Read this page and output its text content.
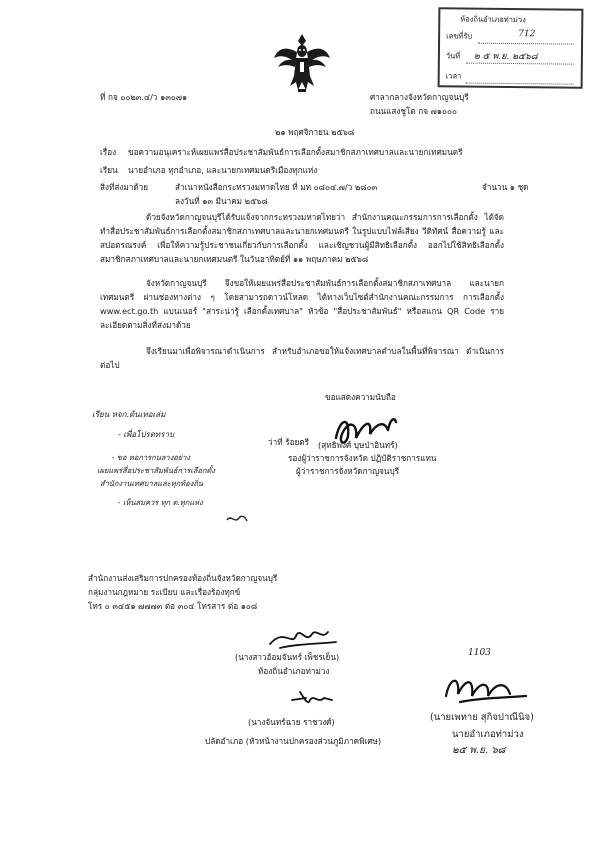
ห้องถิ่นอำเภอท่าม่วง
เลขที่รับ	712
วันที่ ๒ ๕ พ.ย. ๒๕๖๘
เวลา
ที่ กจ ๐๐๒๓.๔/ว ๑๓๐๗๑	ศาลากลางจังหวัดกาญจนบุรี
ถนนแสงชูโต กจ ๗๑๐๐๐
๒๑ พฤศจิกายน ๒๕๖๘
เรื่อง ขอความอนุเคราะห์เผยแพร่สื่อประชาสัมพันธ์การเลือกตั้งสมาชิกสภาเทศบาลและนายกเทศมนตรี
เรียน นายอำเภอ ทุกอำเภอ, และนายกเทศมนตรีเมืองทุกแห่ง
สิ่งที่ส่งมาด้วย	สำเนาหนังสือกระทรวงมหาดไทย ที่ มท ๐๘๐๔.๗/ว ๒๘๐๓
ลงวันที่ ๑๓ มีนาคม ๒๕๖๘
จำนวน ๑ ชุด
ด้วยจังหวัดกาญจนบุรีได้รับแจ้งจากกระทรวงมหาดไทยว่า สำนักงานคณะกรรมการการเลือกตั้ง ได้จัดทำสื่อประชาสัมพันธ์การเลือกตั้งสมาชิกสภาเทศบาลและนายกเทศมนตรี ในรูปแบบไฟล์เสียง วีดิทัศน์ สื่อความรู้ และสปอตรณรงค์ เพื่อให้ความรู้ประชาชนเกี่ยวกับการเลือกตั้ง และเชิญชวนผู้มีสิทธิเลือกตั้ง ออกไปใช้สิทธิเลือกตั้งสมาชิกสภาเทศบาลและนายกเทศมนตรี ในวันอาทิตย์ที่ ๑๑ พฤษภาคม ๒๕๖๘
จังหวัดกาญจนบุรี จึงขอให้เผยแพร่สื่อประชาสัมพันธ์การเลือกตั้งสมาชิกสภาเทศบาล และนายกเทศมนตรี ผ่านช่องทางต่าง ๆ โดยสามารถดาวน์โหลด ได้ทางเว็บไซต์สำนักงานคณะกรรมการ การเลือกตั้ง www.ect.go.th แบนเนอร์ "สาระน่ารู้ เลือกตั้งเทศบาล" หัวข้อ "สื่อประชาสัมพันธ์" หรือสแกน QR Code รายละเอียดตามสิ่งที่ส่งมาด้วย
จึงเรียนมาเพื่อพิจารณาดำเนินการ สำหรับอำเภอขอให้แจ้งเทศบาลตำบลในพื้นที่พิจารณา ดำเนินการต่อไป
ขอแสดงความนับถือ
ว่าที่ ร้อยตรี (สุทธิพงศ์ บุษป่าอินทร์)
รองผู้ว่าราชการจังหวัด ปฏิบัติราชการแทน
ผู้ว่าราชการจังหวัดกาญจนบุรี
เรียน หจก.ต้นเทอเล่ม
- เพื่อโปรดทราบ
- ขอ หอการกนลางอย่าง
เผยแพร่สื่อประชาสัมพันธ์การเลือกตั้ง
สำนักงานเทศบาลและทุกท้องถิ่น
- เห็นสมควร ทุก ต.ทุกแห่ง
สำนักงานส่งเสริมการปกครองท้องถิ่นจังหวัดกาญจนบุรี
กลุ่มงานกฎหมาย ระเบียบ และเรื่องร้องทุกข์
โทร ๐ ๓๔๕๑ ๗๗๗๓ ต่อ ๓๐๔ โทรสาร ต่อ ๑๐๘
(นางสาวอ้อมจันทร์ เพ็ชรเย็น)
ท้องถิ่นอำเภอท่าม่วง
(นางจันทร์ฉาย ราชวงศ์)
ปลัดอำเภอ (หัวหน้างานปกครองส่วนภูมิภาคพิเศษ)
1103
(นายเพทาย สุกิจปาณีนิจ)
นายอำเภอท่าม่วง
๒๕ พ.ย. ๖๘
